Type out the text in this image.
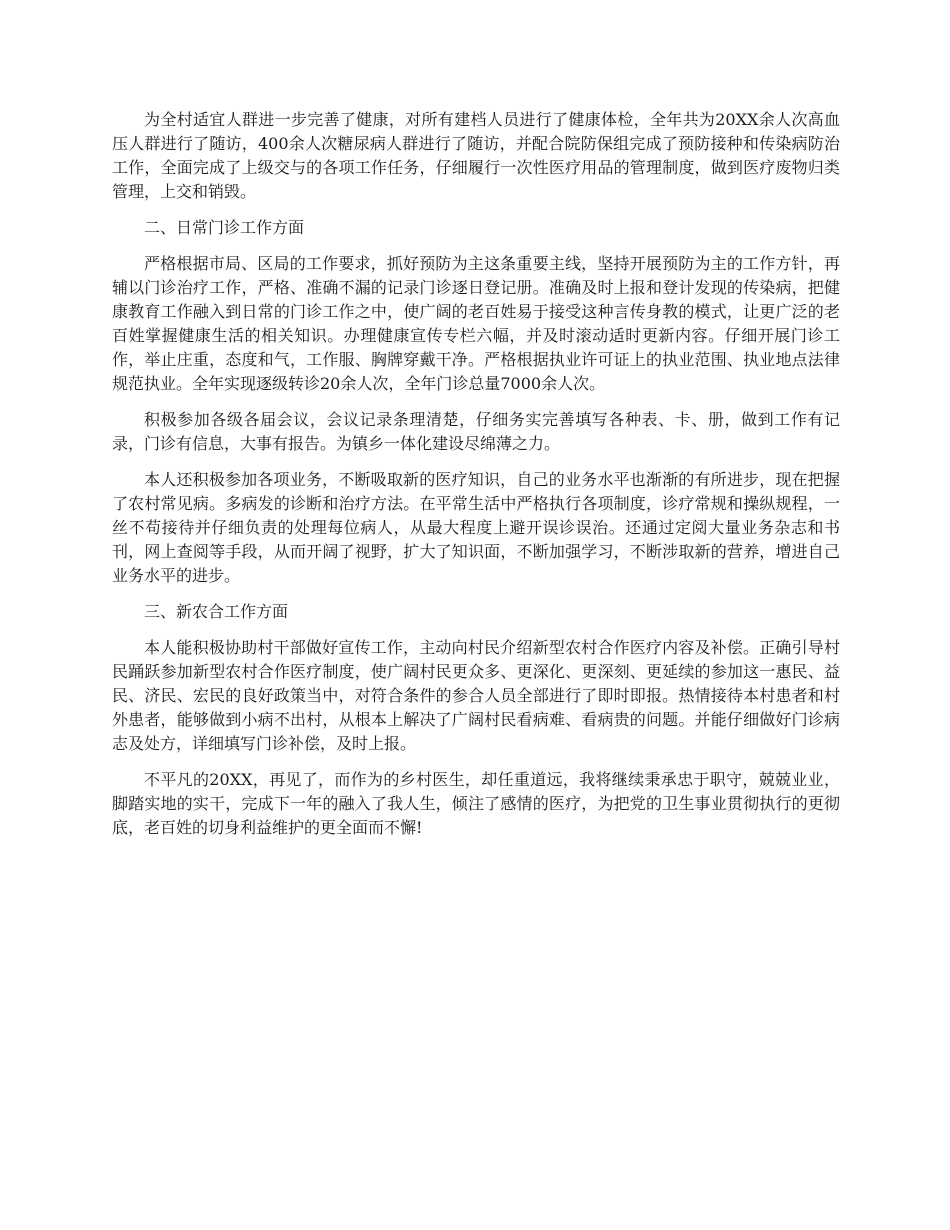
为全村适宜人群进一步完善了健康，对所有建档人员进行了健康体检，全年共为20XX余人次高血压人群进行了随访，400余人次糖尿病人群进行了随访，并配合院防保组完成了预防接种和传染病防治工作，全面完成了上级交与的各项工作任务，仔细履行一次性医疗用品的管理制度，做到医疗废物归类管理，上交和销毁。

二、日常门诊工作方面

严格根据市局、区局的工作要求，抓好预防为主这条重要主线，坚持开展预防为主的工作方针，再辅以门诊治疗工作，严格、准确不漏的记录门诊逐日登记册。准确及时上报和登计发现的传染病，把健康教育工作融入到日常的门诊工作之中，使广阔的老百姓易于接受这种言传身教的模式，让更广泛的老百姓掌握健康生活的相关知识。办理健康宣传专栏六幅，并及时滚动适时更新内容。仔细开展门诊工作，举止庄重，态度和气，工作服、胸牌穿戴干净。严格根据执业许可证上的执业范围、执业地点法律规范执业。全年实现逐级转诊20余人次，全年门诊总量7000余人次。

积极参加各级各届会议，会议记录条理清楚，仔细务实完善填写各种表、卡、册，做到工作有记录，门诊有信息，大事有报告。为镇乡一体化建设尽绵薄之力。

本人还积极参加各项业务，不断吸取新的医疗知识，自己的业务水平也渐渐的有所进步，现在把握了农村常见病。多病发的诊断和治疗方法。在平常生活中严格执行各项制度，诊疗常规和操纵规程，一丝不苟接待并仔细负责的处理每位病人，从最大程度上避开误诊误治。还通过定阅大量业务杂志和书刊，网上查阅等手段，从而开阔了视野，扩大了知识面，不断加强学习，不断涉取新的营养，增进自己业务水平的进步。

三、新农合工作方面

本人能积极协助村干部做好宣传工作，主动向村民介绍新型农村合作医疗内容及补偿。正确引导村民踊跃参加新型农村合作医疗制度，使广阔村民更众多、更深化、更深刻、更延续的参加这一惠民、益民、济民、宏民的良好政策当中，对符合条件的参合人员全部进行了即时即报。热情接待本村患者和村外患者，能够做到小病不出村，从根本上解决了广阔村民看病难、看病贵的问题。并能仔细做好门诊病志及处方，详细填写门诊补偿，及时上报。

不平凡的20XX，再见了，而作为的乡村医生，却任重道远，我将继续秉承忠于职守，兢兢业业，脚踏实地的实干，完成下一年的融入了我人生，倾注了感情的医疗，为把党的卫生事业贯彻执行的更彻底，老百姓的切身利益维护的更全面而不懈!
